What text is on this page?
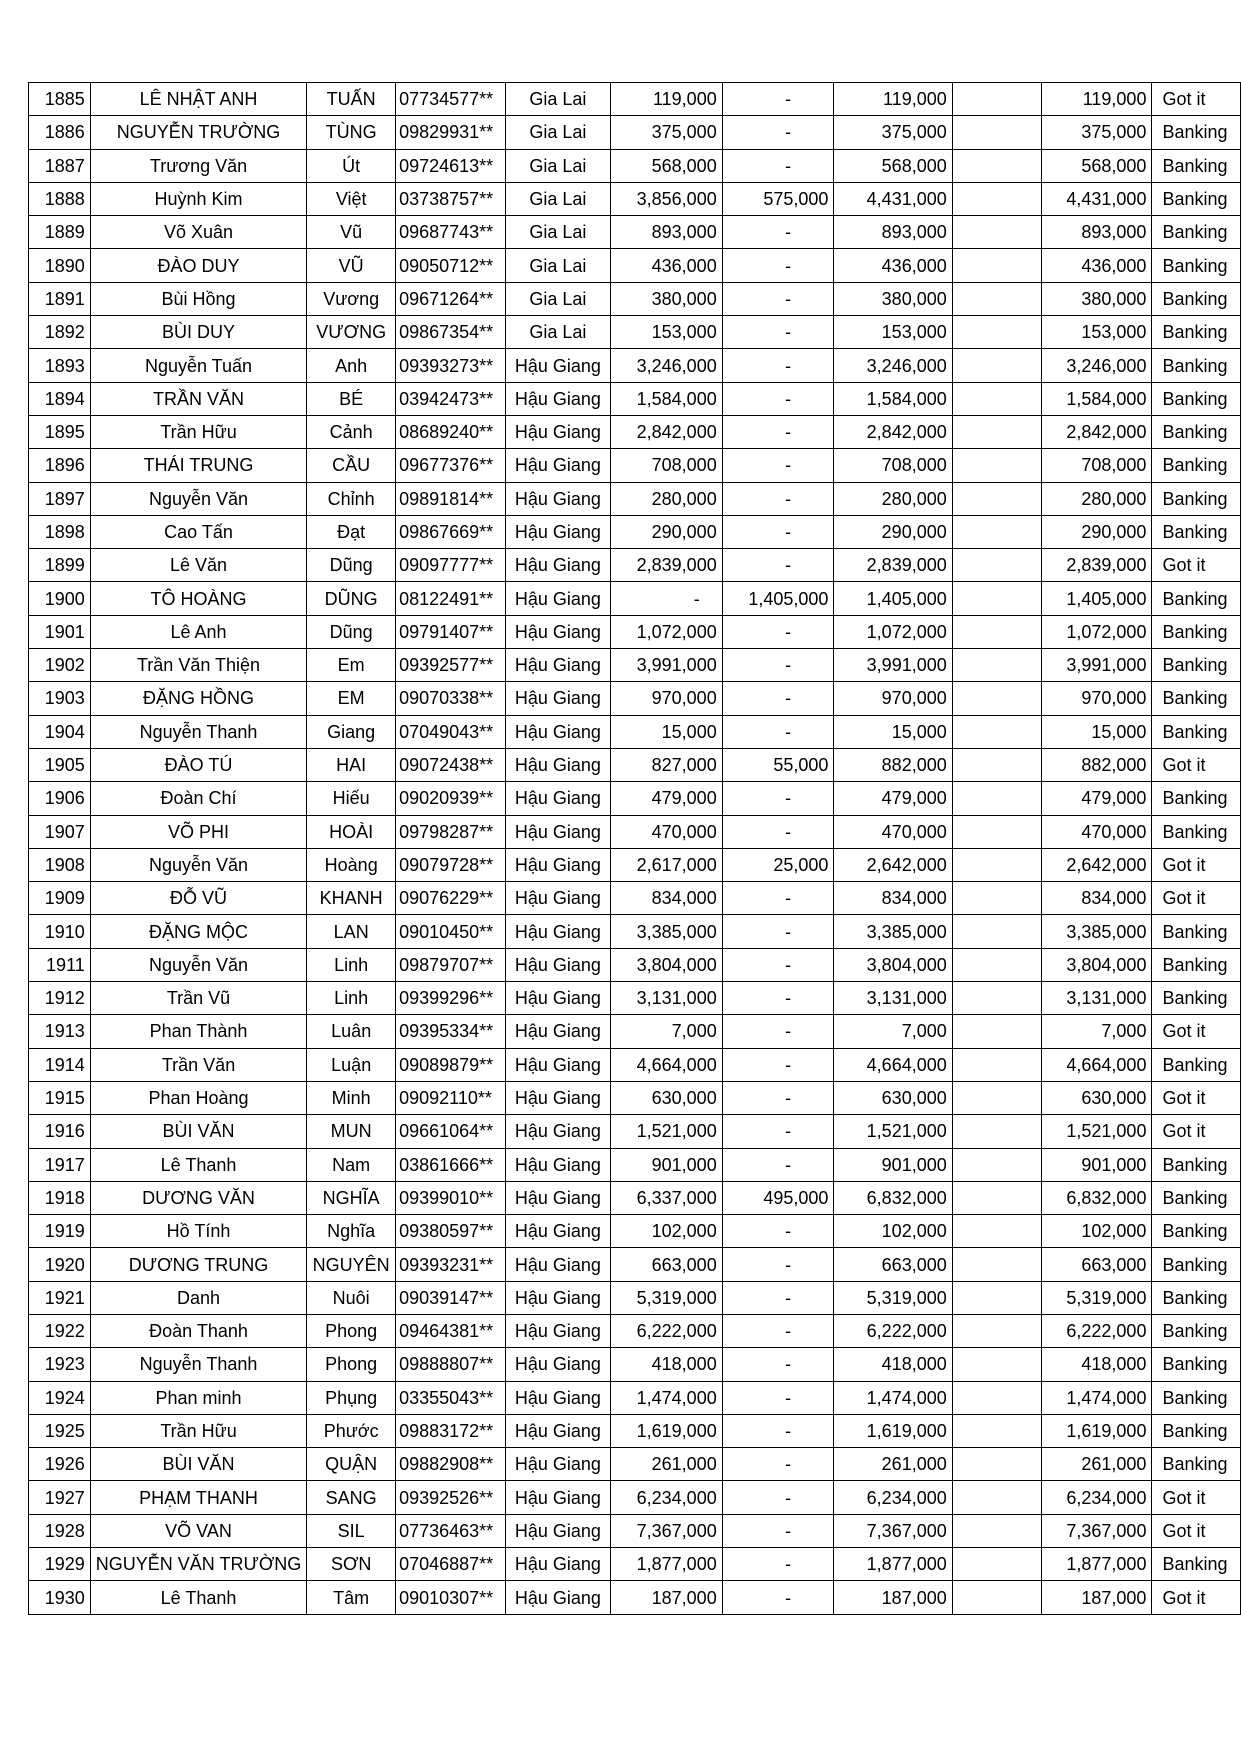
1885	LÊ NHẬT ANH	TUẤN	07734577**	Gia Lai	119,000	-	119,000		119,000	Got it
1886	NGUYỄN TRƯỜNG	TÙNG	09829931**	Gia Lai	375,000	-	375,000		375,000	Banking
1887	Trương Văn	Út	09724613**	Gia Lai	568,000	-	568,000		568,000	Banking
1888	Huỳnh Kim	Việt	03738757**	Gia Lai	3,856,000	575,000	4,431,000		4,431,000	Banking
1889	Võ Xuân	Vũ	09687743**	Gia Lai	893,000	-	893,000		893,000	Banking
1890	ĐÀO DUY	VŨ	09050712**	Gia Lai	436,000	-	436,000		436,000	Banking
1891	Bùi Hồng	Vương	09671264**	Gia Lai	380,000	-	380,000		380,000	Banking
1892	BÙI DUY	VƯƠNG	09867354**	Gia Lai	153,000	-	153,000		153,000	Banking
1893	Nguyễn Tuấn	Anh	09393273**	Hậu Giang	3,246,000	-	3,246,000		3,246,000	Banking
1894	TRẦN VĂN	BÉ	03942473**	Hậu Giang	1,584,000	-	1,584,000		1,584,000	Banking
1895	Trần Hữu	Cảnh	08689240**	Hậu Giang	2,842,000	-	2,842,000		2,842,000	Banking
1896	THÁI TRUNG	CẦU	09677376**	Hậu Giang	708,000	-	708,000		708,000	Banking
1897	Nguyễn Văn	Chỉnh	09891814**	Hậu Giang	280,000	-	280,000		280,000	Banking
1898	Cao Tấn	Đạt	09867669**	Hậu Giang	290,000	-	290,000		290,000	Banking
1899	Lê Văn	Dũng	09097777**	Hậu Giang	2,839,000	-	2,839,000		2,839,000	Got it
1900	TÔ HOÀNG	DŨNG	08122491**	Hậu Giang	-	1,405,000	1,405,000		1,405,000	Banking
1901	Lê Anh	Dũng	09791407**	Hậu Giang	1,072,000	-	1,072,000		1,072,000	Banking
1902	Trần Văn Thiện	Em	09392577**	Hậu Giang	3,991,000	-	3,991,000		3,991,000	Banking
1903	ĐẶNG HỒNG	EM	09070338**	Hậu Giang	970,000	-	970,000		970,000	Banking
1904	Nguyễn Thanh	Giang	07049043**	Hậu Giang	15,000	-	15,000		15,000	Banking
1905	ĐÀO TÚ	HAI	09072438**	Hậu Giang	827,000	55,000	882,000		882,000	Got it
1906	Đoàn Chí	Hiếu	09020939**	Hậu Giang	479,000	-	479,000		479,000	Banking
1907	VÕ PHI	HOÀI	09798287**	Hậu Giang	470,000	-	470,000		470,000	Banking
1908	Nguyễn Văn	Hoàng	09079728**	Hậu Giang	2,617,000	25,000	2,642,000		2,642,000	Got it
1909	ĐỖ VŨ	KHANH	09076229**	Hậu Giang	834,000	-	834,000		834,000	Got it
1910	ĐẶNG MỘC	LAN	09010450**	Hậu Giang	3,385,000	-	3,385,000		3,385,000	Banking
1911	Nguyễn Văn	Linh	09879707**	Hậu Giang	3,804,000	-	3,804,000		3,804,000	Banking
1912	Trần Vũ	Linh	09399296**	Hậu Giang	3,131,000	-	3,131,000		3,131,000	Banking
1913	Phan Thành	Luân	09395334**	Hậu Giang	7,000	-	7,000		7,000	Got it
1914	Trần Văn	Luận	09089879**	Hậu Giang	4,664,000	-	4,664,000		4,664,000	Banking
1915	Phan Hoàng	Minh	09092110**	Hậu Giang	630,000	-	630,000		630,000	Got it
1916	BÙI VĂN	MUN	09661064**	Hậu Giang	1,521,000	-	1,521,000		1,521,000	Got it
1917	Lê Thanh	Nam	03861666**	Hậu Giang	901,000	-	901,000		901,000	Banking
1918	DƯƠNG VĂN	NGHĨA	09399010**	Hậu Giang	6,337,000	495,000	6,832,000		6,832,000	Banking
1919	Hồ Tính	Nghĩa	09380597**	Hậu Giang	102,000	-	102,000		102,000	Banking
1920	DƯƠNG TRUNG	NGUYÊN	09393231**	Hậu Giang	663,000	-	663,000		663,000	Banking
1921	Danh	Nuôi	09039147**	Hậu Giang	5,319,000	-	5,319,000		5,319,000	Banking
1922	Đoàn Thanh	Phong	09464381**	Hậu Giang	6,222,000	-	6,222,000		6,222,000	Banking
1923	Nguyễn Thanh	Phong	09888807**	Hậu Giang	418,000	-	418,000		418,000	Banking
1924	Phan minh	Phụng	03355043**	Hậu Giang	1,474,000	-	1,474,000		1,474,000	Banking
1925	Trần Hữu	Phước	09883172**	Hậu Giang	1,619,000	-	1,619,000		1,619,000	Banking
1926	BÙI VĂN	QUẬN	09882908**	Hậu Giang	261,000	-	261,000		261,000	Banking
1927	PHẠM THANH	SANG	09392526**	Hậu Giang	6,234,000	-	6,234,000		6,234,000	Got it
1928	VÕ VAN	SIL	07736463**	Hậu Giang	7,367,000	-	7,367,000		7,367,000	Got it
1929	NGUYỄN VĂN TRƯỜNG	SƠN	07046887**	Hậu Giang	1,877,000	-	1,877,000		1,877,000	Banking
1930	Lê Thanh	Tâm	09010307**	Hậu Giang	187,000	-	187,000		187,000	Got it
